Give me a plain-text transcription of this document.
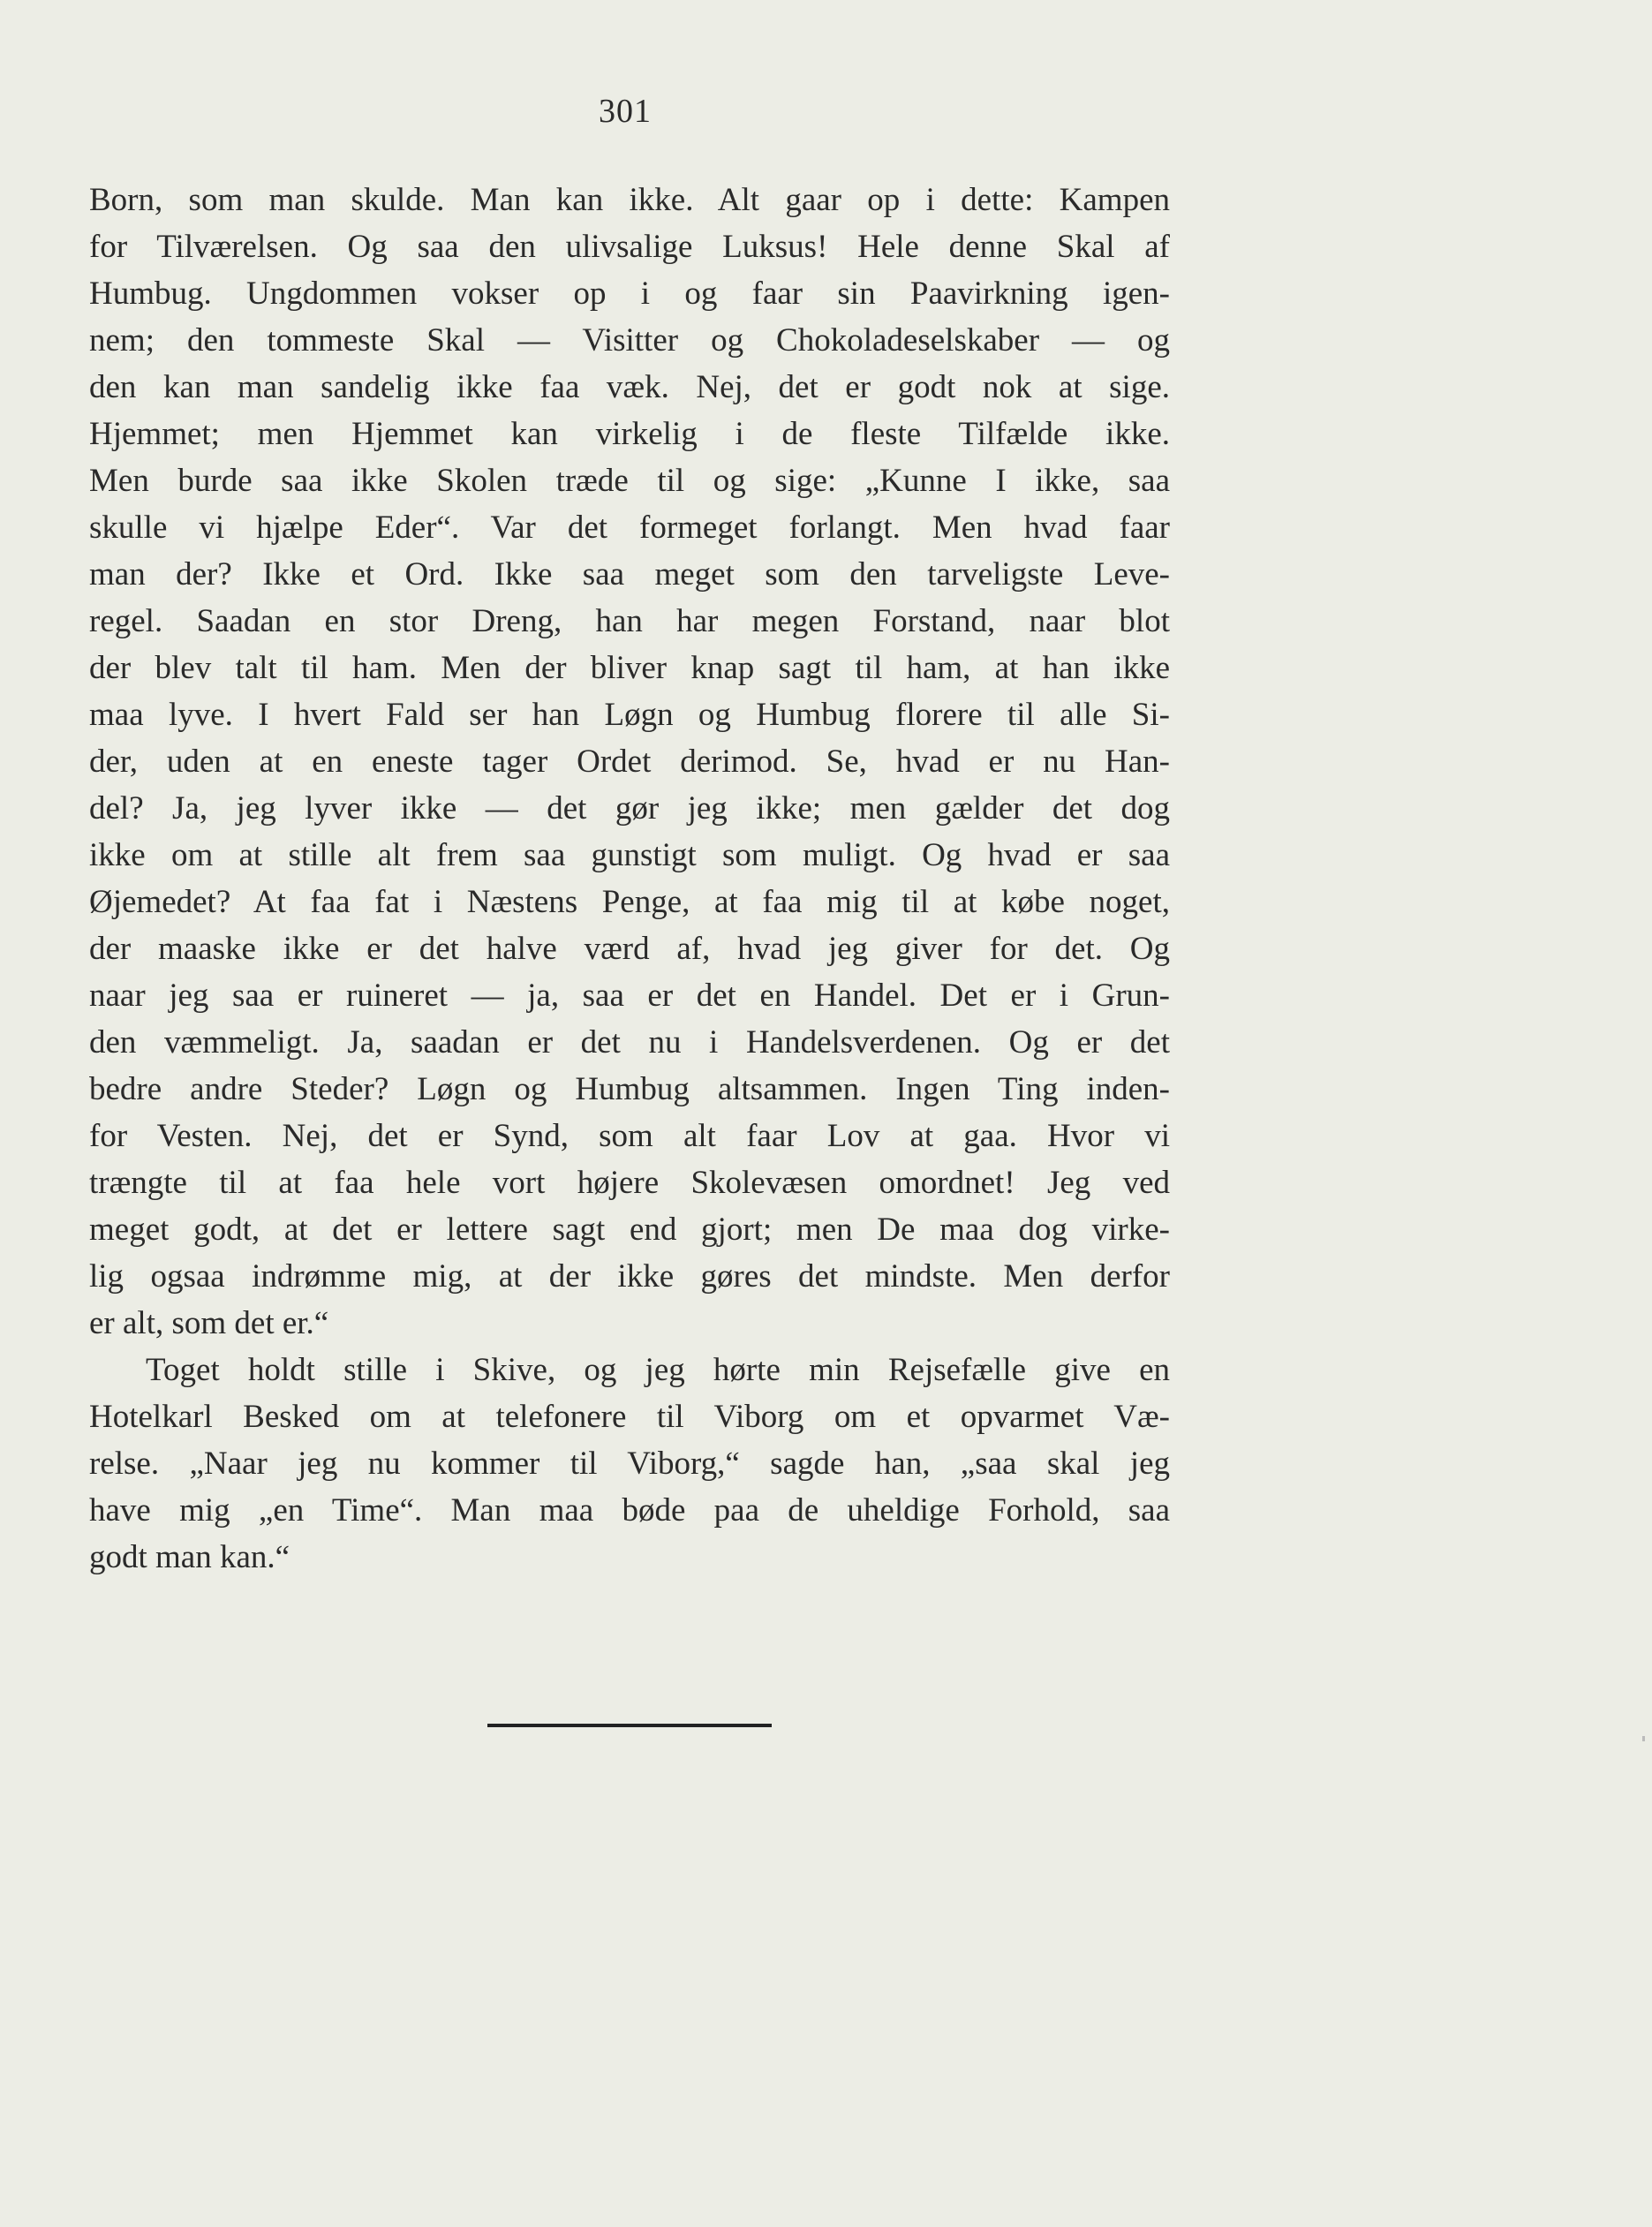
301
Born, som man skulde. Man kan ikke. Alt gaar op i dette: Kampen
for Tilværelsen. Og saa den ulivsalige Luksus! Hele denne Skal af
Humbug. Ungdommen vokser op i og faar sin Paavirkning igen-
nem; den tommeste Skal — Visitter og Chokoladeselskaber — og
den kan man sandelig ikke faa væk. Nej, det er godt nok at sige.
Hjemmet; men Hjemmet kan virkelig i de fleste Tilfælde ikke.
Men burde saa ikke Skolen træde til og sige: „Kunne I ikke, saa
skulle vi hjælpe Eder“. Var det formeget forlangt. Men hvad faar
man der? Ikke et Ord. Ikke saa meget som den tarveligste Leve-
regel. Saadan en stor Dreng, han har megen Forstand, naar blot
der blev talt til ham. Men der bliver knap sagt til ham, at han ikke
maa lyve. I hvert Fald ser han Løgn og Humbug florere til alle Si-
der, uden at en eneste tager Ordet derimod. Se, hvad er nu Han-
del? Ja, jeg lyver ikke — det gør jeg ikke; men gælder det dog
ikke om at stille alt frem saa gunstigt som muligt. Og hvad er saa
Øjemedet? At faa fat i Næstens Penge, at faa mig til at købe noget,
der maaske ikke er det halve værd af, hvad jeg giver for det. Og
naar jeg saa er ruineret — ja, saa er det en Handel. Det er i Grun-
den væmmeligt. Ja, saadan er det nu i Handelsverdenen. Og er det
bedre andre Steder? Løgn og Humbug altsammen. Ingen Ting inden-
for Vesten. Nej, det er Synd, som alt faar Lov at gaa. Hvor vi
trængte til at faa hele vort højere Skolevæsen omordnet! Jeg ved
meget godt, at det er lettere sagt end gjort; men De maa dog virke-
lig ogsaa indrømme mig, at der ikke gøres det mindste. Men derfor
er alt, som det er.“
Toget holdt stille i Skive, og jeg hørte min Rejsefælle give en
Hotelkarl Besked om at telefonere til Viborg om et opvarmet Væ-
relse. „Naar jeg nu kommer til Viborg,“ sagde han, „saa skal jeg
have mig „en Time“. Man maa bøde paa de uheldige Forhold, saa
godt man kan.“
